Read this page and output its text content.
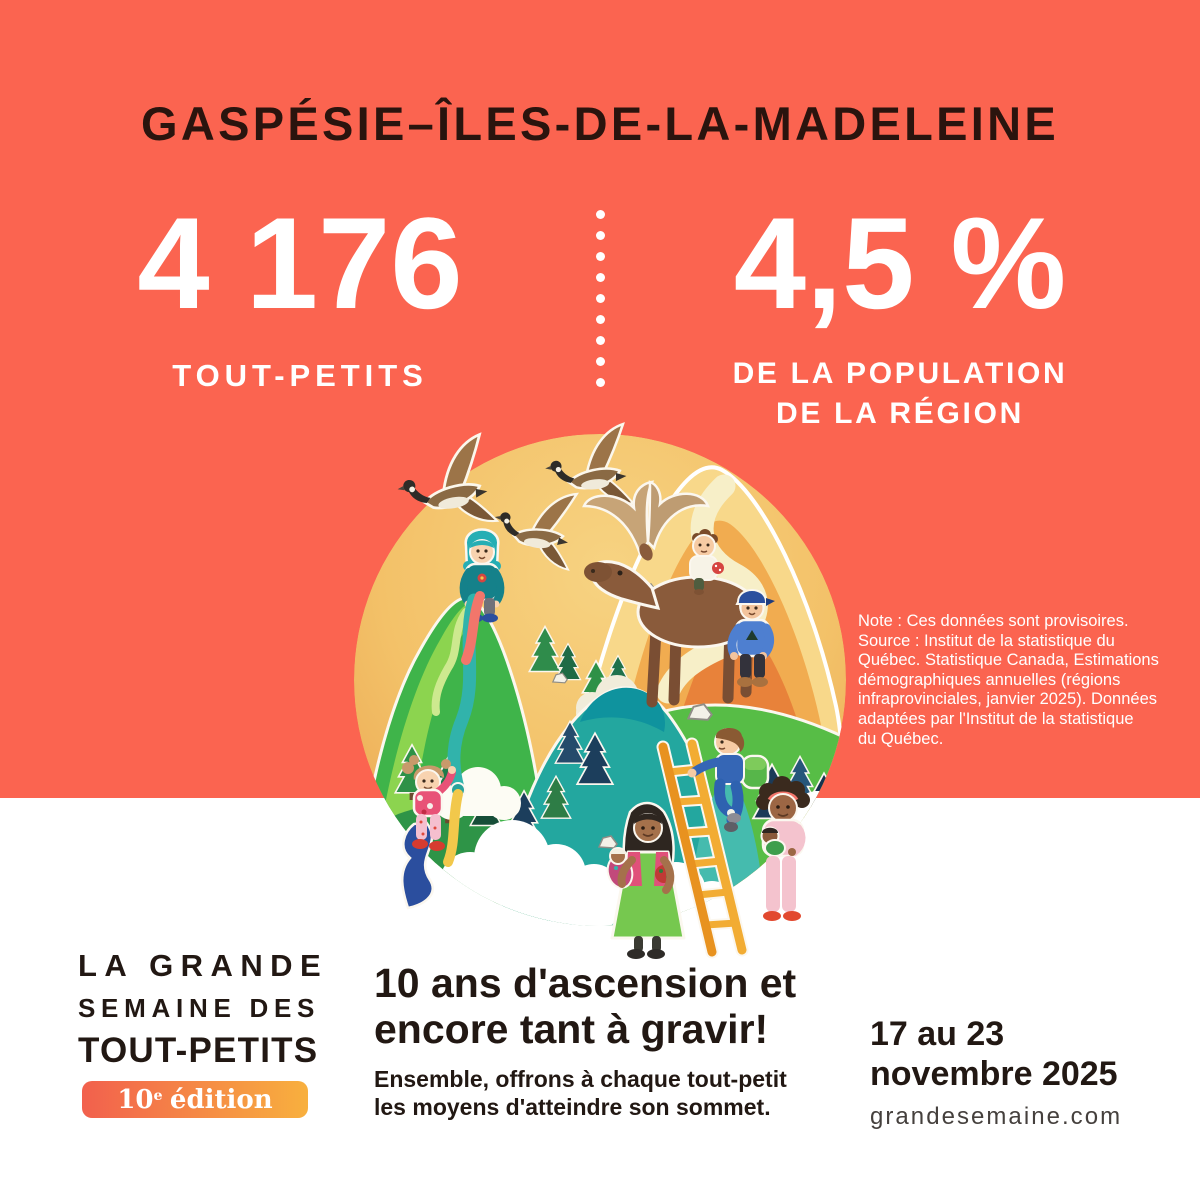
GASPÉSIE–ÎLES-DE-LA-MADELEINE
4 176
TOUT-PETITS
4,5 %
DE LA POPULATION
DE LA RÉGION
Note : Ces données sont provisoires.
Source : Institut de la statistique du
Québec. Statistique Canada, Estimations
démographiques annuelles (régions
infraprovinciales, janvier 2025). Données
adaptées par l'Institut de la statistique
du Québec.
LA GRANDE
SEMAINE DES
TOUT-PETITS
10 e édition
10 ans d'ascension et
encore tant à gravir!
Ensemble, offrons à chaque tout-petit
les moyens d'atteindre son sommet.
17 au 23
novembre 2025
grandesemaine.com
